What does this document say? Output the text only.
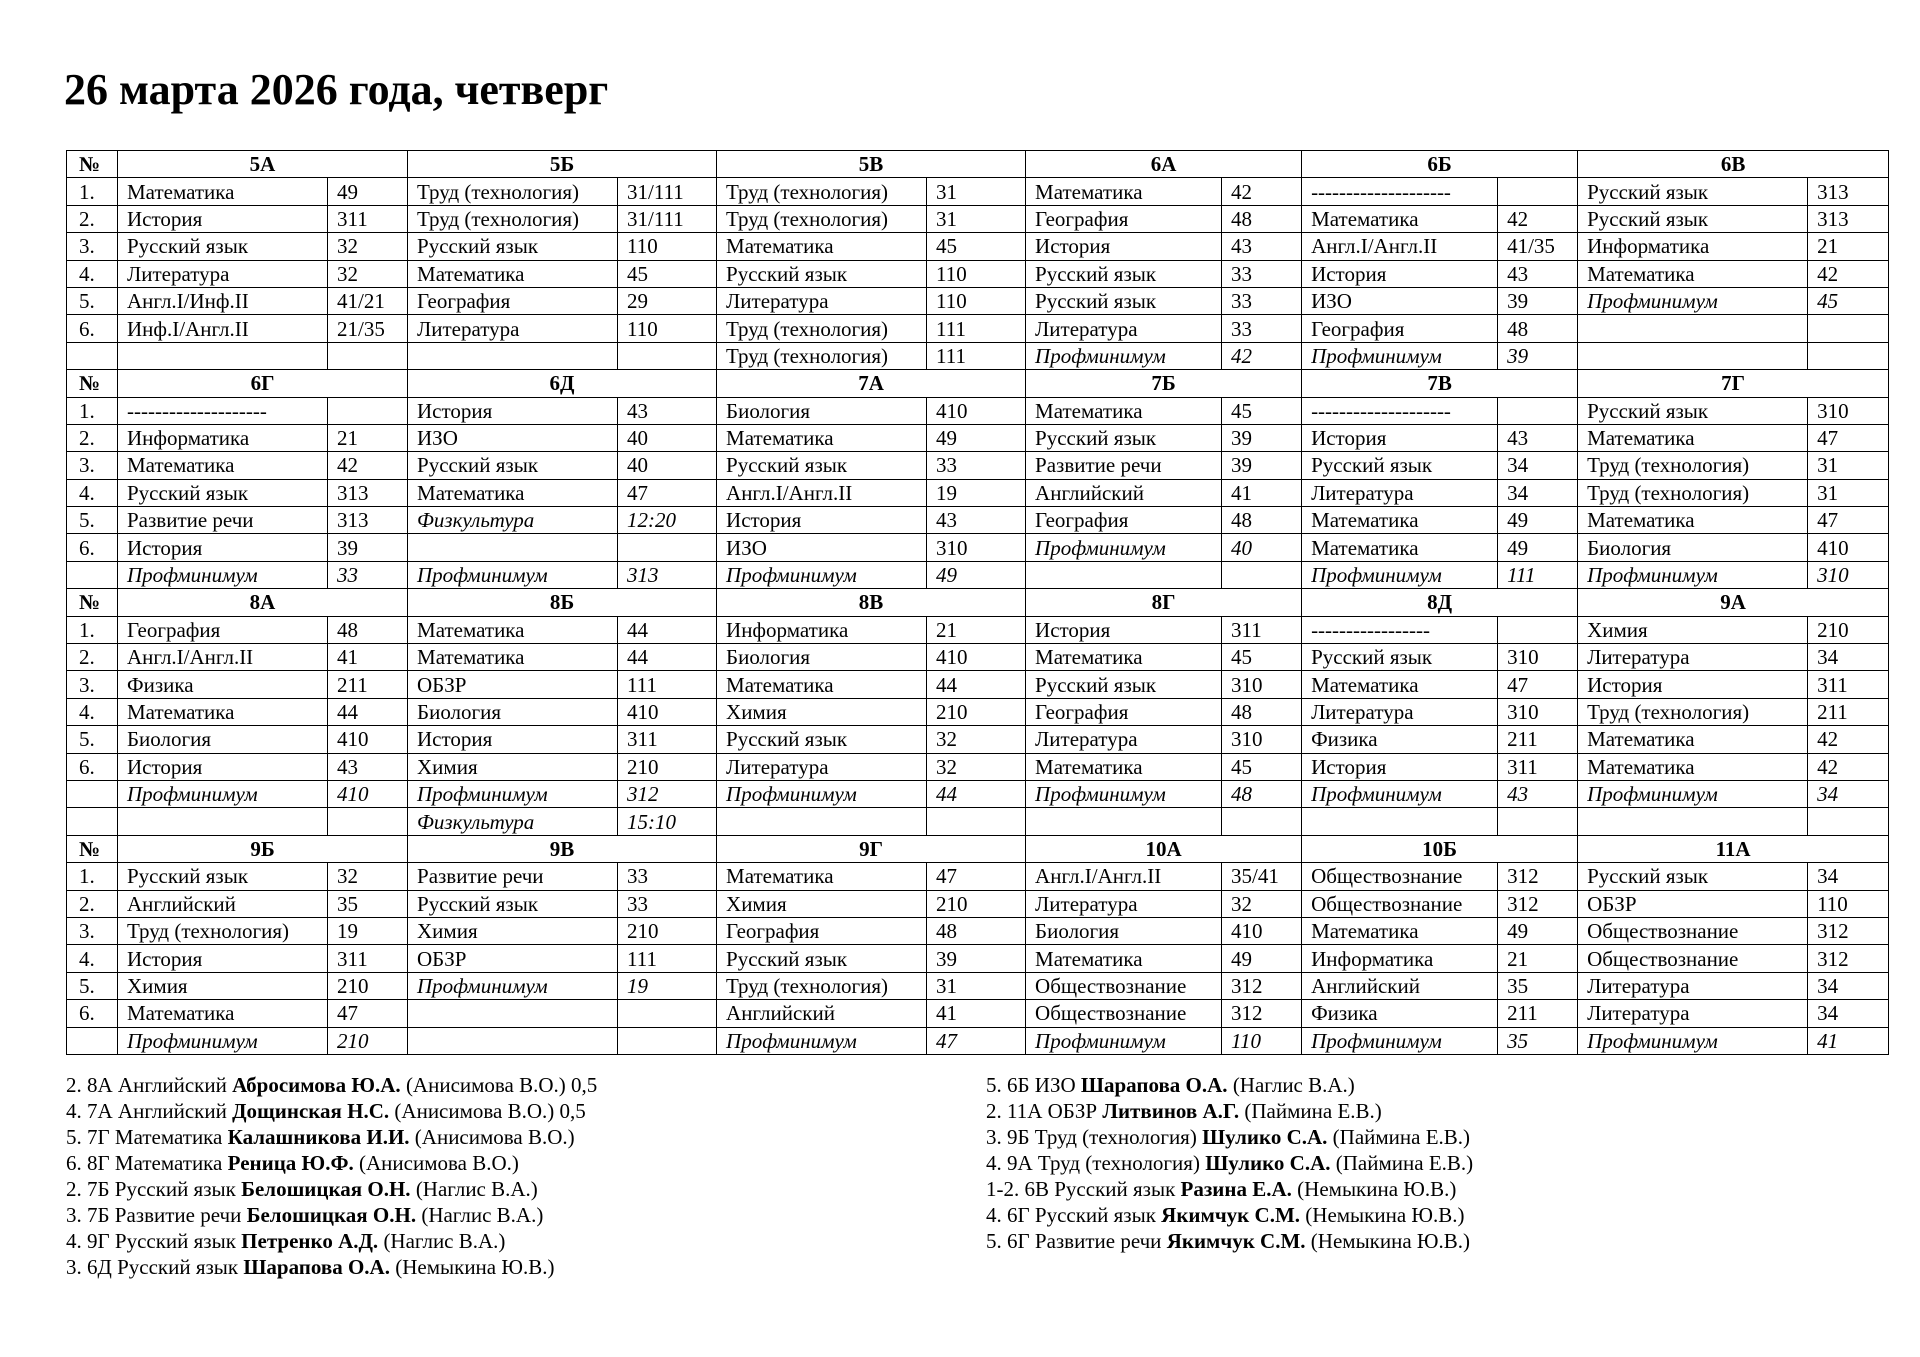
26 марта 2026 года, четверг
№	5А		5Б		5В		6А		6Б		6В	
1.	Математика	49	Труд (технология)	31/111	Труд (технология)	31	Математика	42	--------------------		Русский язык	313
2.	История	311	Труд (технология)	31/111	Труд (технология)	31	География	48	Математика	42	Русский язык	313
3.	Русский язык	32	Русский язык	110	Математика	45	История	43	Англ.I/Англ.II	41/35	Информатика	21
4.	Литература	32	Математика	45	Русский язык	110	Русский язык	33	История	43	Математика	42
5.	Англ.I/Инф.II	41/21	География	29	Литература	110	Русский язык	33	ИЗО	39	Профминимум	45
6.	Инф.I/Англ.II	21/35	Литература	110	Труд (технология)	111	Литература	33	География	48		
					Труд (технология)	111	Профминимум	42	Профминимум	39		
№	6Г		6Д		7А		7Б		7В		7Г	
1.	--------------------		История	43	Биология	410	Математика	45	--------------------		Русский язык	310
2.	Информатика	21	ИЗО	40	Математика	49	Русский язык	39	История	43	Математика	47
3.	Математика	42	Русский язык	40	Русский язык	33	Развитие речи	39	Русский язык	34	Труд (технология)	31
4.	Русский язык	313	Математика	47	Англ.I/Англ.II	19	Английский	41	Литература	34	Труд (технология)	31
5.	Развитие речи	313	Физкультура	12:20	История	43	География	48	Математика	49	Математика	47
6.	История	39			ИЗО	310	Профминимум	40	Математика	49	Биология	410
	Профминимум	33	Профминимум	313	Профминимум	49			Профминимум	111	Профминимум	310
№	8А		8Б		8В		8Г		8Д		9А	
1.	География	48	Математика	44	Информатика	21	История	311	-----------------		Химия	210
2.	Англ.I/Англ.II	41	Математика	44	Биология	410	Математика	45	Русский язык	310	Литература	34
3.	Физика	211	ОБЗР	111	Математика	44	Русский язык	310	Математика	47	История	311
4.	Математика	44	Биология	410	Химия	210	География	48	Литература	310	Труд (технология)	211
5.	Биология	410	История	311	Русский язык	32	Литература	310	Физика	211	Математика	42
6.	История	43	Химия	210	Литература	32	Математика	45	История	311	Математика	42
	Профминимум	410	Профминимум	312	Профминимум	44	Профминимум	48	Профминимум	43	Профминимум	34
			Физкультура	15:10								
№	9Б		9В		9Г		10А		10Б		11А	
1.	Русский язык	32	Развитие речи	33	Математика	47	Англ.I/Англ.II	35/41	Обществознание	312	Русский язык	34
2.	Английский	35	Русский язык	33	Химия	210	Литература	32	Обществознание	312	ОБЗР	110
3.	Труд (технология)	19	Химия	210	География	48	Биология	410	Математика	49	Обществознание	312
4.	История	311	ОБЗР	111	Русский язык	39	Математика	49	Информатика	21	Обществознание	312
5.	Химия	210	Профминимум	19	Труд (технология)	31	Обществознание	312	Английский	35	Литература	34
6.	Математика	47			Английский	41	Обществознание	312	Физика	211	Литература	34
	Профминимум	210			Профминимум	47	Профминимум	110	Профминимум	35	Профминимум	41
2. 8А Английский Абросимова Ю.А. (Анисимова В.О.) 0,5
4. 7А Английский Дощинская Н.С. (Анисимова В.О.) 0,5
5. 7Г Математика Калашникова И.И. (Анисимова В.О.)
6. 8Г Математика Реница Ю.Ф. (Анисимова В.О.)
2. 7Б Русский язык Белошицкая О.Н. (Наглис В.А.)
3. 7Б Развитие речи Белошицкая О.Н. (Наглис В.А.)
4. 9Г Русский язык Петренко А.Д. (Наглис В.А.)
3. 6Д Русский язык Шарапова О.А. (Немыкина Ю.В.)
5. 6Б ИЗО Шарапова О.А. (Наглис В.А.)
2. 11А ОБЗР Литвинов А.Г. (Паймина Е.В.)
3. 9Б Труд (технология) Шулико С.А. (Паймина Е.В.)
4. 9А Труд (технология) Шулико С.А. (Паймина Е.В.)
1-2. 6В Русский язык Разина Е.А. (Немыкина Ю.В.)
4. 6Г Русский язык Якимчук С.М. (Немыкина Ю.В.)
5. 6Г Развитие речи Якимчук С.М. (Немыкина Ю.В.)
